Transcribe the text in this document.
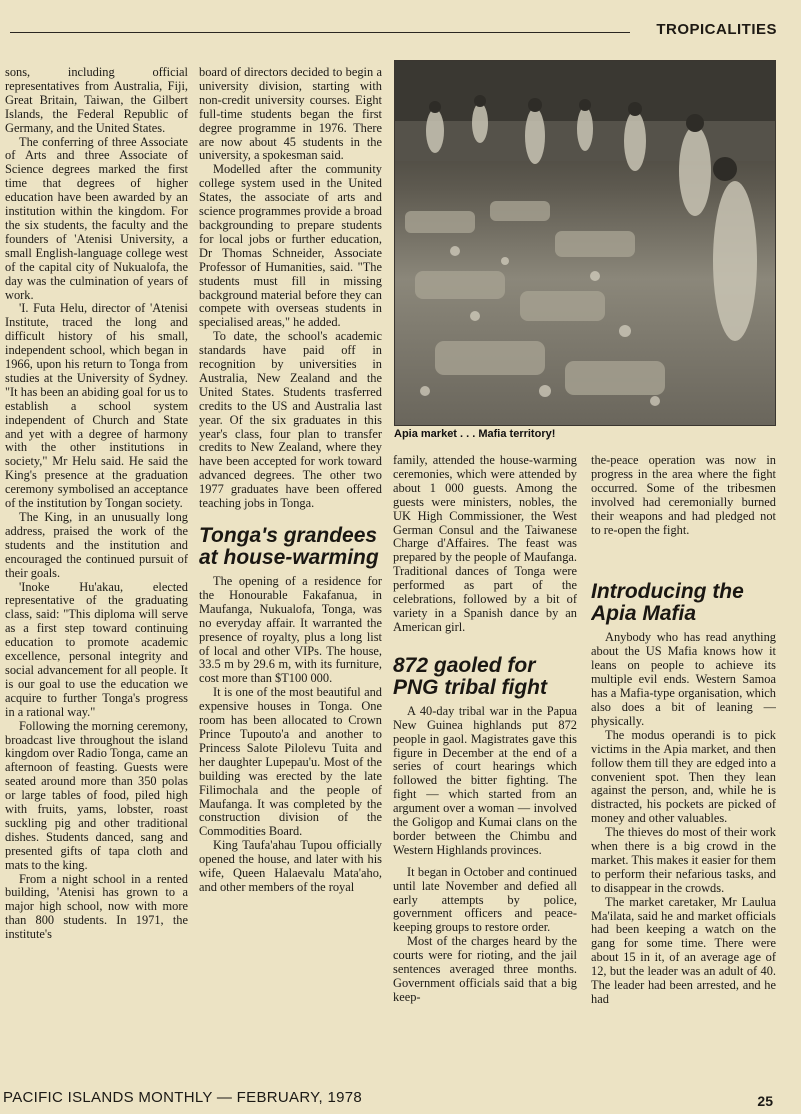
TROPICALITIES

sons, including official representatives from Australia, Fiji, Great Britain, Taiwan, the Gilbert Islands, the Federal Republic of Germany, and the United States.

The conferring of three Associate of Arts and three Associate of Science degrees marked the first time that degrees of higher education have been awarded by an institution within the kingdom. For the six students, the faculty and the founders of 'Atenisi University, a small English-language college west of the capital city of Nukualofa, the day was the culmination of years of work.

'I. Futa Helu, director of 'Atenisi Institute, traced the long and difficult history of his small, independent school, which began in 1966, upon his return to Tonga from studies at the University of Sydney. "It has been an abiding goal for us to establish a school system independent of Church and State and yet with a degree of harmony with the other institutions in society," Mr Helu said. He said the King's presence at the graduation ceremony symbolised an acceptance of the institution by Tongan society.

The King, in an unusually long address, praised the work of the students and the institution and encouraged the continued pursuit of their goals.

'Inoke Hu'akau, elected representative of the graduating class, said: "This diploma will serve as a first step toward continuing education to promote academic excellence, personal integrity and social advancement for all people. It is our goal to use the education we acquire to further Tonga's progress in a rational way."

Following the morning ceremony, broadcast live throughout the island kingdom over Radio Tonga, came an afternoon of feasting. Guests were seated around more than 350 polas or large tables of food, piled high with fruits, yams, lobster, roast suckling pig and other traditional dishes. Students danced, sang and presented gifts of tapa cloth and mats to the king.

From a night school in a rented building, 'Atenisi has grown to a major high school, now with more than 800 students. In 1971, the institute's

board of directors decided to begin a university division, starting with non-credit university courses. Eight full-time students began the first degree programme in 1976. There are now about 45 students in the university, a spokesman said.

Modelled after the community college system used in the United States, the associate of arts and science programmes provide a broad backgrounding to prepare students for local jobs or further education, Dr Thomas Schneider, Associate Professor of Humanities, said. "The students must fill in missing background material before they can compete with overseas students in specialised areas," he added.

To date, the school's academic standards have paid off in recognition by universities in Australia, New Zealand and the United States. Students trasferred credits to the US and Australia last year. Of the six graduates in this year's class, four plan to transfer credits to New Zealand, where they have been accepted for work toward advanced degrees. The other two 1977 graduates have been offered teaching jobs in Tonga.

Tonga's grandees at house-warming

The opening of a residence for the Honourable Fakafanua, in Maufanga, Nukualofa, Tonga, was no everyday affair. It warranted the presence of royalty, plus a long list of local and other VIPs. The house, 33.5 m by 29.6 m, with its furniture, cost more than $T100 000.

It is one of the most beautiful and expensive houses in Tonga. One room has been allocated to Crown Prince Tupouto'a and another to Princess Salote Pilolevu Tuita and her daughter Lupepau'u. Most of the building was erected by the late Filimochala and the people of Maufanga. It was completed by the construction division of the Commodities Board.

King Taufa'ahau Tupou officially opened the house, and later with his wife, Queen Halaevalu Mata'aho, and other members of the royal

Apia market . . . Mafia territory!

family, attended the house-warming ceremonies, which were attended by about 1 000 guests. Among the guests were ministers, nobles, the UK High Commissioner, the West German Consul and the Taiwanese Charge d'Affaires. The feast was prepared by the people of Maufanga. Traditional dances of Tonga were performed as part of the celebrations, followed by a bit of variety in a Spanish dance by an American girl.

872 gaoled for PNG tribal fight

A 40-day tribal war in the Papua New Guinea highlands put 872 people in gaol. Magistrates gave this figure in December at the end of a series of court hearings which followed the bitter fighting. The fight — which started from an argument over a woman — involved the Goligop and Kumai clans on the border between the Chimbu and Western Highlands provinces.

It began in October and continued until late November and defied all early attempts by police, government officers and peace-keeping groups to restore order.

Most of the charges heard by the courts were for rioting, and the jail sentences averaged three months. Government officials said that a big keep-

the-peace operation was now in progress in the area where the fight occurred. Some of the tribesmen involved had ceremonially burned their weapons and had pledged not to re-open the fight.

Introducing the Apia Mafia

Anybody who has read anything about the US Mafia knows how it leans on people to achieve its multiple evil ends. Western Samoa has a Mafia-type organisation, which also does a bit of leaning — physically.

The modus operandi is to pick victims in the Apia market, and then follow them till they are edged into a convenient spot. Then they lean against the person, and, while he is distracted, his pockets are picked of money and other valuables.

The thieves do most of their work when there is a big crowd in the market. This makes it easier for them to perform their nefarious tasks, and to disappear in the crowds.

The market caretaker, Mr Laulua Ma'ilata, said he and market officials had been keeping a watch on the gang for some time. There were about 15 in it, of an average age of 12, but the leader was an adult of 40. The leader had been arrested, and he had

PACIFIC ISLANDS MONTHLY — FEBRUARY, 1978	25
